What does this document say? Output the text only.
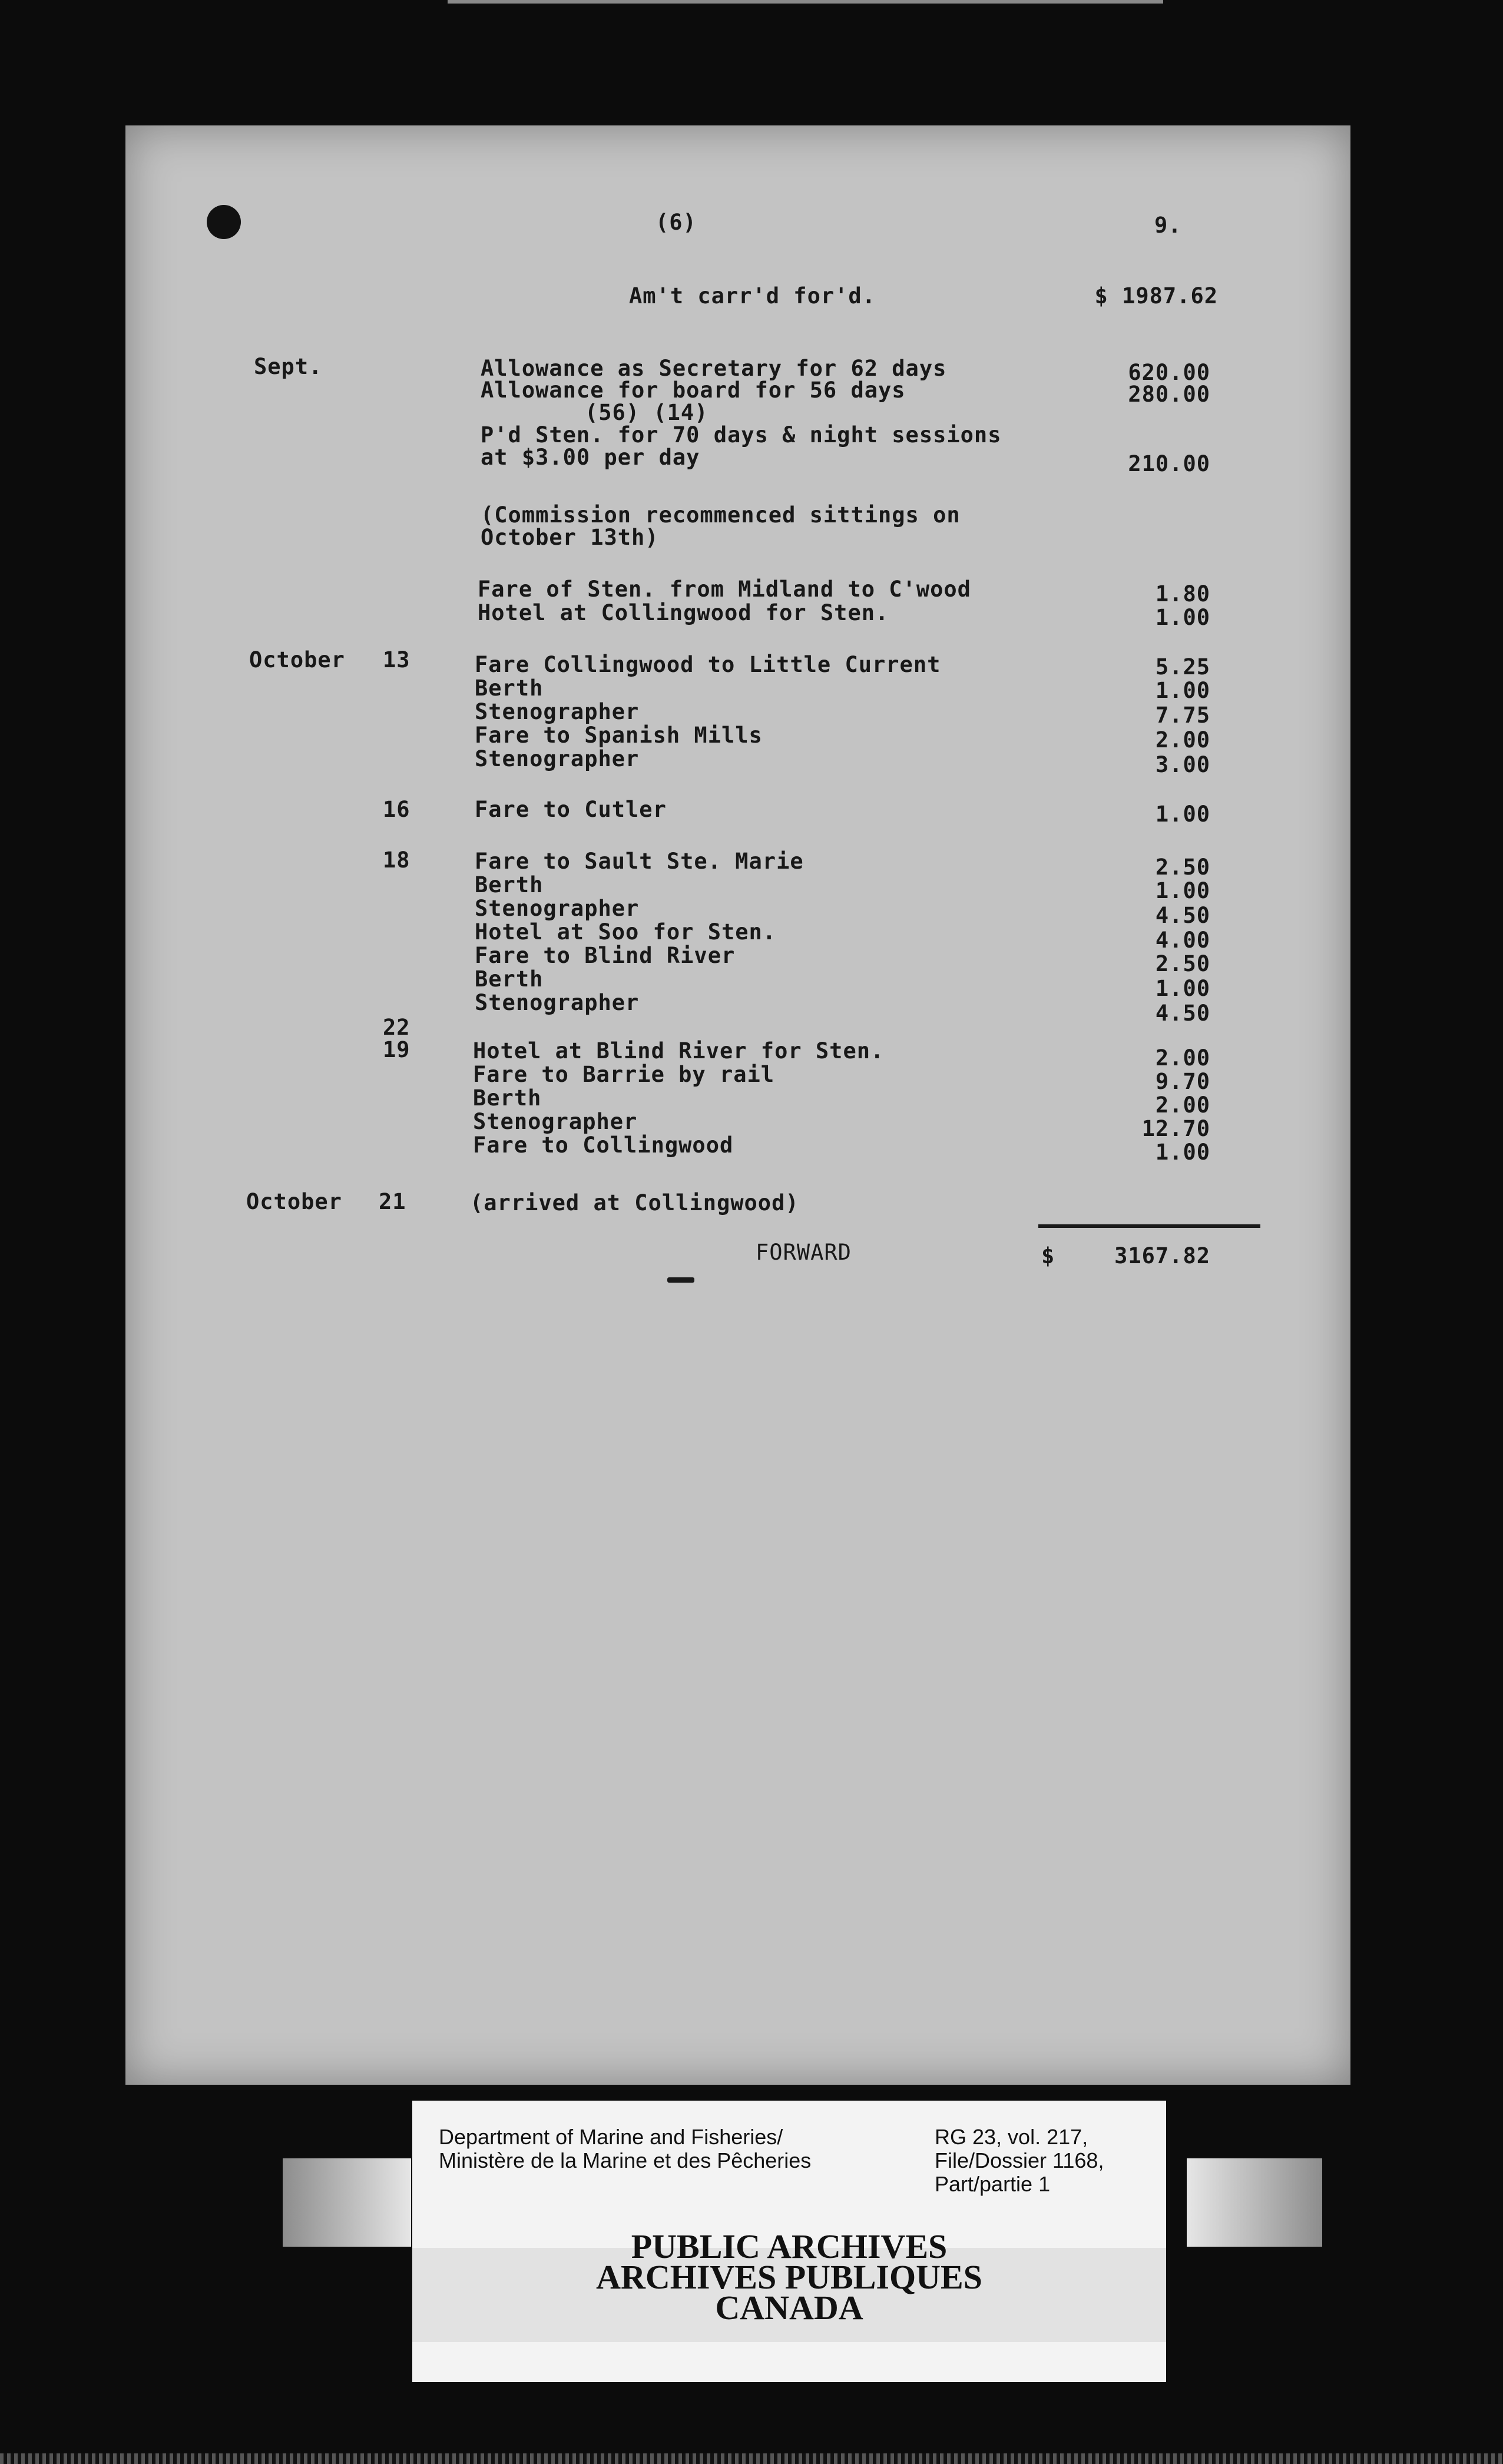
(6)	9.
Am't carr'd for'd.	$ 1987.62
Sept.	Allowance as Secretary for 62 days	620.00
Allowance for board for 56 days	280.00
(56) (14)
P'd Sten. for 70 days & night sessions
at $3.00 per day	210.00
(Commission recommenced sittings on
October 13th)
Fare of Sten. from Midland to C'wood	1.80
Hotel at Collingwood for Sten.	1.00
October 13	Fare Collingwood to Little Current	5.25
Berth	1.00
Stenographer	7.75
Fare to Spanish Mills	2.00
Stenographer	3.00
16	Fare to Cutler	1.00
18	Fare to Sault Ste. Marie	2.50
Berth	1.00
Stenographer	4.50
Hotel at Soo for Sten.	4.00
Fare to Blind River	2.50
Berth	1.00
Stenographer	4.50
22
19	Hotel at Blind River for Sten.	2.00
Fare to Barrie by rail	9.70
Berth	2.00
Stenographer	12.70
Fare to Collingwood	1.00
October 21	(arrived at Collingwood)
FORWARD	$	3167.82
Department of Marine and Fisheries/
Ministère de la Marine et des Pêcheries
RG 23, vol. 217,
File/Dossier 1168,
Part/partie 1
PUBLIC ARCHIVES
ARCHIVES PUBLIQUES
CANADA
